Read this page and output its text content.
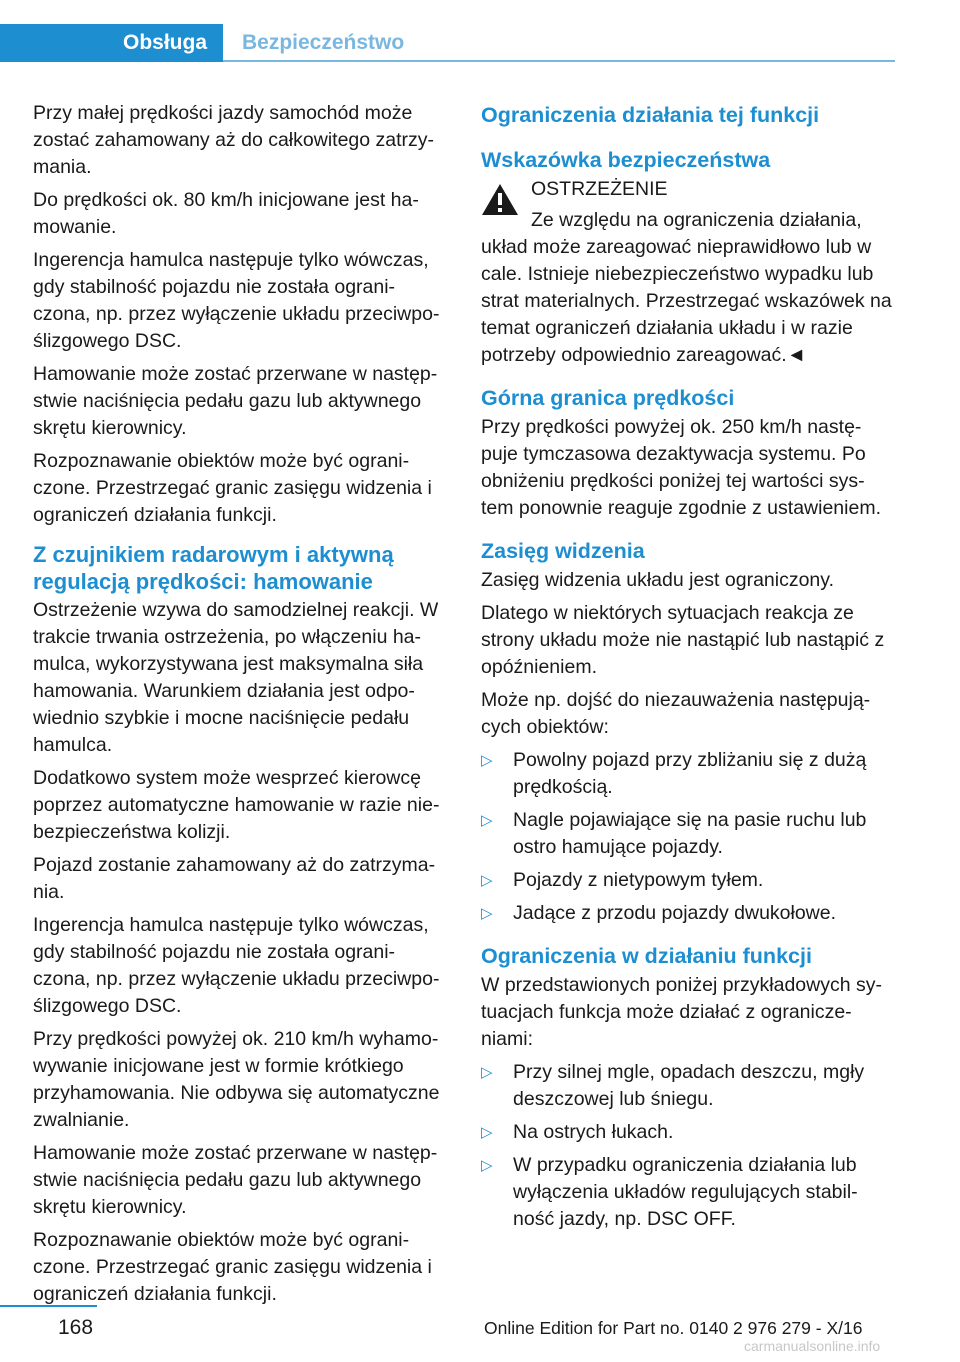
Obsługa	Bezpieczeństwo

Przy małej prędkości jazdy samochód może zostać zahamowany aż do całkowitego zatrzy‐mania.

Do prędkości ok. 80 km/h inicjowane jest ha‐mowanie.

Ingerencja hamulca następuje tylko wówczas, gdy stabilność pojazdu nie została ograni‐czona, np. przez wyłączenie układu przeciwpo‐ślizgowego DSC.

Hamowanie może zostać przerwane w następ‐stwie naciśnięcia pedału gazu lub aktywnego skrętu kierownicy.

Rozpoznawanie obiektów może być ograni‐czone. Przestrzegać granic zasięgu widzenia i ograniczeń działania funkcji.

Z czujnikiem radarowym i aktywną regulacją prędkości: hamowanie

Ostrzeżenie wzywa do samodzielnej reakcji. W trakcie trwania ostrzeżenia, po włączeniu ha‐mulca, wykorzystywana jest maksymalna siła hamowania. Warunkiem działania jest odpo‐wiednio szybkie i mocne naciśnięcie pedału hamulca.

Dodatkowo system może wesprzeć kierowcę poprzez automatyczne hamowanie w razie nie‐bezpieczeństwa kolizji.

Pojazd zostanie zahamowany aż do zatrzyma‐nia.

Ingerencja hamulca następuje tylko wówczas, gdy stabilność pojazdu nie została ograni‐czona, np. przez wyłączenie układu przeciwpo‐ślizgowego DSC.

Przy prędkości powyżej ok. 210 km/h wyhamo‐wywanie inicjowane jest w formie krótkiego przyhamowania. Nie odbywa się automatyczne zwalnianie.

Hamowanie może zostać przerwane w następ‐stwie naciśnięcia pedału gazu lub aktywnego skrętu kierownicy.

Rozpoznawanie obiektów może być ograni‐czone. Przestrzegać granic zasięgu widzenia i ograniczeń działania funkcji.

Ograniczenia działania tej funkcji
Wskazówka bezpieczeństwa

OSTRZEŻENIE

Ze względu na ograniczenia działania, układ może zareagować nieprawidłowo lub w cale. Istnieje niebezpieczeństwo wypadku lub strat materialnych. Przestrzegać wskazówek na temat ograniczeń działania układu i w razie potrzeby odpowiednio zareagować.◄

Górna granica prędkości

Przy prędkości powyżej ok. 250 km/h nastę‐puje tymczasowa dezaktywacja systemu. Po obniżeniu prędkości poniżej tej wartości sys‐tem ponownie reaguje zgodnie z ustawieniem.

Zasięg widzenia

Zasięg widzenia układu jest ograniczony.

Dlatego w niektórych sytuacjach reakcja ze strony układu może nie nastąpić lub nastąpić z opóźnieniem.

Może np. dojść do niezauważenia następują‐cych obiektów:

▷ Powolny pojazd przy zbliżaniu się z dużą prędkością.
▷ Nagle pojawiające się na pasie ruchu lub ostro hamujące pojazdy.
▷ Pojazdy z nietypowym tyłem.
▷ Jadące z przodu pojazdy dwukołowe.
Ograniczenia w działaniu funkcji

W przedstawionych poniżej przykładowych sy‐tuacjach funkcja może działać z ogranicze‐niami:

▷ Przy silnej mgle, opadach deszczu, mgły deszczowej lub śniegu.
▷ Na ostrych łukach.
▷ W przypadku ograniczenia działania lub wyłączenia układów regulujących stabil‐ność jazdy, np. DSC OFF.
168	Online Edition for Part no. 0140 2 976 279 - X/16
carmanualsonline.info
